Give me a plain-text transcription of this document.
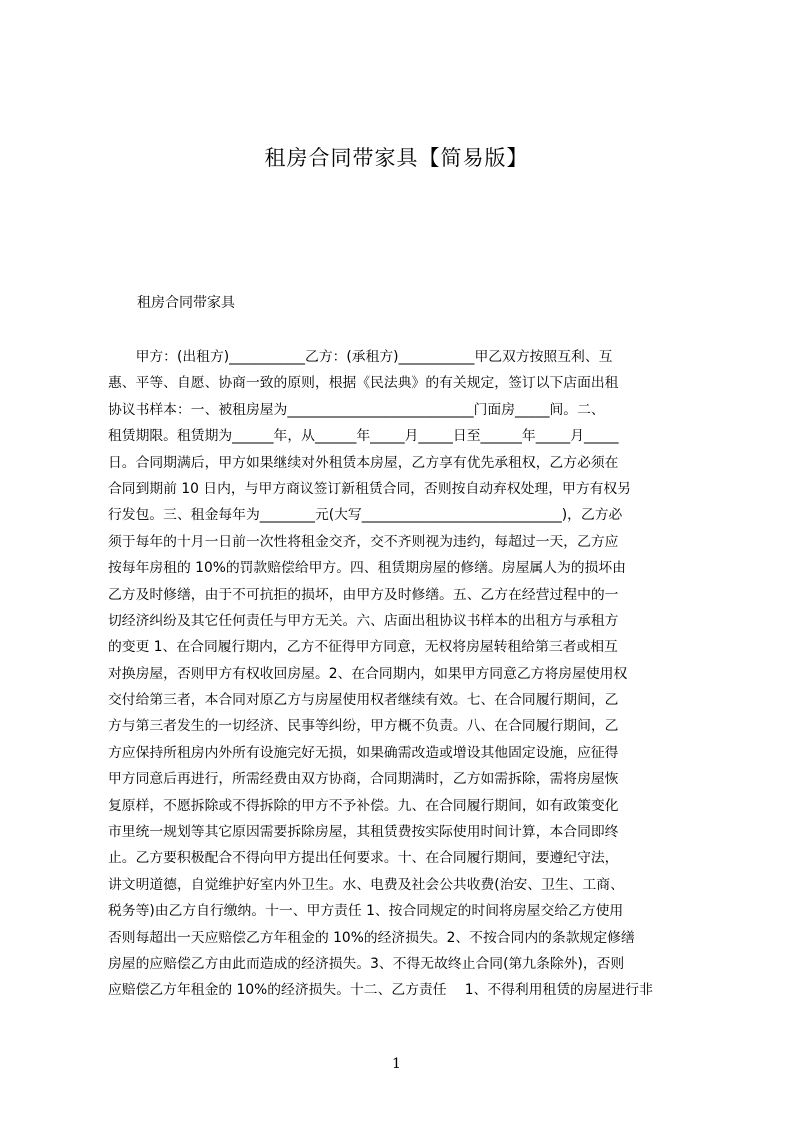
租房合同带家具【简易版】
租房合同带家具
　　甲方：(出租方)___________乙方：(承租方)___________甲乙双方按照互利、互
惠、平等、自愿、协商一致的原则，根据《民法典》的有关规定，签订以下店面出租
协议书样本：一、被租房屋为___________________________门面房_____间。二、
租赁期限。租赁期为______年，从______年_____月_____日至______年_____月_____
日。合同期满后，甲方如果继续对外租赁本房屋，乙方享有优先承租权，乙方必须在
合同到期前 10 日内，与甲方商议签订新租赁合同，否则按自动弃权处理，甲方有权另
行发包。三、租金每年为________元(大写_____________________________)，乙方必
须于每年的十月一日前一次性将租金交齐，交不齐则视为违约，每超过一天，乙方应
按每年房租的 10%的罚款赔偿给甲方。四、租赁期房屋的修缮。房屋属人为的损坏由
乙方及时修缮，由于不可抗拒的损坏，由甲方及时修缮。五、乙方在经营过程中的一
切经济纠纷及其它任何责任与甲方无关。六、店面出租协议书样本的出租方与承租方
的变更 1、在合同履行期内，乙方不征得甲方同意，无权将房屋转租给第三者或相互
对换房屋，否则甲方有权收回房屋。2、在合同期内，如果甲方同意乙方将房屋使用权
交付给第三者，本合同对原乙方与房屋使用权者继续有效。七、在合同履行期间，乙
方与第三者发生的一切经济、民事等纠纷，甲方概不负责。八、在合同履行期间，乙
方应保持所租房内外所有设施完好无损，如果确需改造或增设其他固定设施，应征得
甲方同意后再进行，所需经费由双方协商，合同期满时，乙方如需拆除，需将房屋恢
复原样，不愿拆除或不得拆除的甲方不予补偿。九、在合同履行期间，如有政策变化
市里统一规划等其它原因需要拆除房屋，其租赁费按实际使用时间计算，本合同即终
止。乙方要积极配合不得向甲方提出任何要求。十、在合同履行期间，要遵纪守法，
讲文明道德，自觉维护好室内外卫生。水、电费及社会公共收费(治安、卫生、工商、
税务等)由乙方自行缴纳。十一、甲方责任 1、按合同规定的时间将房屋交给乙方使用
否则每超出一天应赔偿乙方年租金的 10%的经济损失。2、不按合同内的条款规定修缮
房屋的应赔偿乙方由此而造成的经济损失。3、不得无故终止合同(第九条除外)，否则
应赔偿乙方年租金的 10%的经济损失。十二、乙方责任　 1、不得利用租赁的房屋进行非
1
